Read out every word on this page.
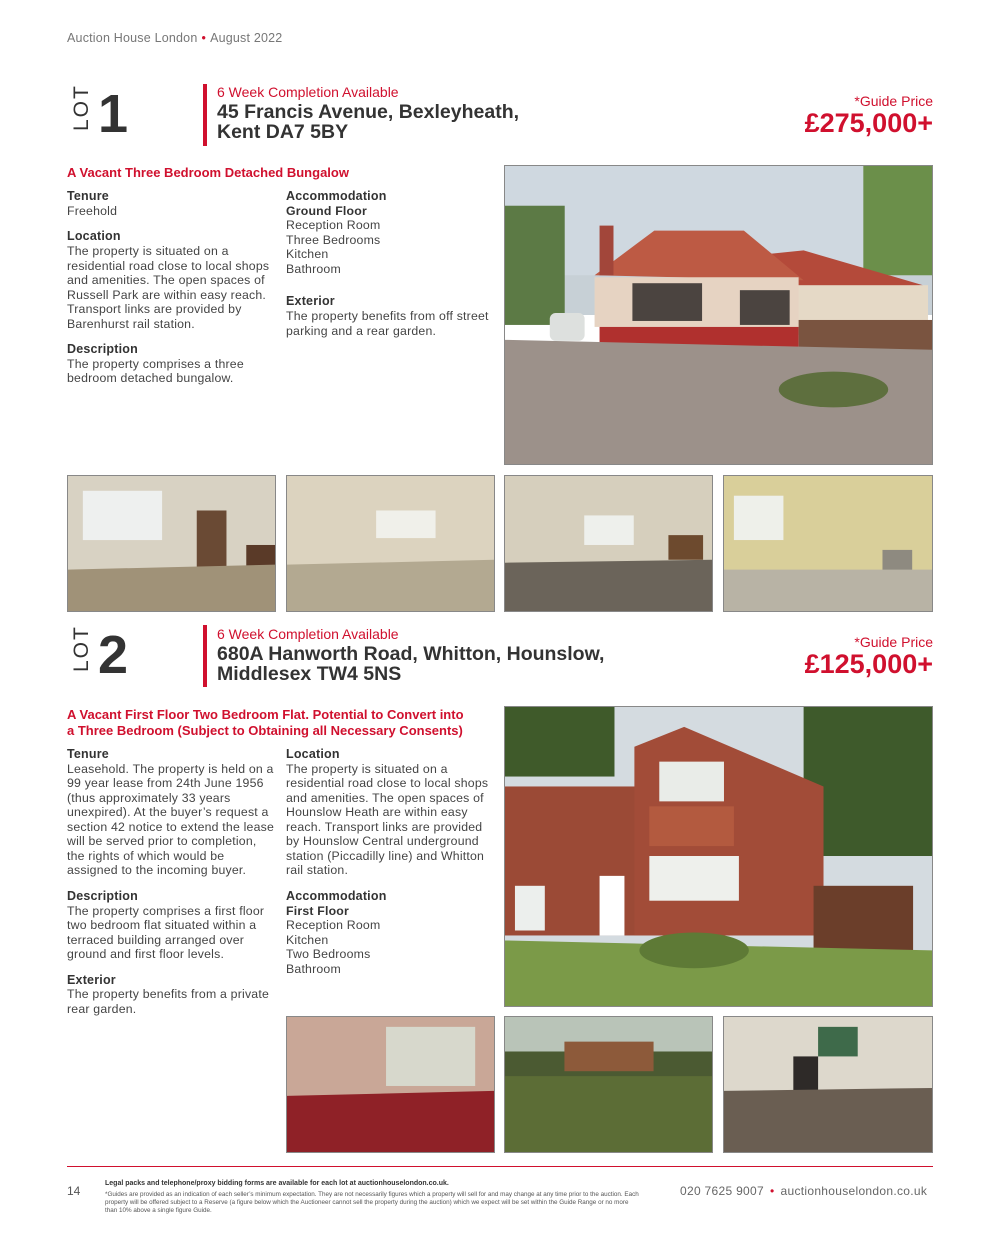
Auction House London • August 2022
LOT 1	6 Week Completion Available
45 Francis Avenue, Bexleyheath,
Kent DA7 5BY
*Guide Price
£275,000+
A Vacant Three Bedroom Detached Bungalow
Tenure
Freehold
Location
The property is situated on a residential road close to local shops and amenities. The open spaces of Russell Park are within easy reach. Transport links are provided by Barenhurst rail station.
Description
The property comprises a three bedroom detached bungalow.
Accommodation
Ground Floor
Reception Room
Three Bedrooms
Kitchen
Bathroom
Exterior
The property benefits from off street parking and a rear garden.
LOT 2	6 Week Completion Available
680A Hanworth Road, Whitton, Hounslow,
Middlesex TW4 5NS
*Guide Price
£125,000+
A Vacant First Floor Two Bedroom Flat. Potential to Convert into
a Three Bedroom (Subject to Obtaining all Necessary Consents)
Tenure
Leasehold. The property is held on a 99 year lease from 24th June 1956 (thus approximately 33 years unexpired). At the buyer’s request a section 42 notice to extend the lease will be served prior to completion, the rights of which would be assigned to the incoming buyer.
Description
The property comprises a first floor two bedroom flat situated within a terraced building arranged over ground and first floor levels.
Exterior
The property benefits from a private rear garden.
Location
The property is situated on a residential road close to local shops and amenities. The open spaces of Hounslow Heath are within easy reach. Transport links are provided by Hounslow Central underground station (Piccadilly line) and Whitton rail station.
Accommodation
First Floor
Reception Room
Kitchen
Two Bedrooms
Bathroom
14
Legal packs and telephone/proxy bidding forms are available for each lot at auctionhouselondon.co.uk.
*Guides are provided as an indication of each seller’s minimum expectation. They are not necessarily figures which a property will sell for and may change at any time prior to the auction. Each property will be offered subject to a Reserve (a figure below which the Auctioneer cannot sell the property during the auction) which we expect will be set within the Guide Range or no more than 10% above a single figure Guide.
020 7625 9007 • auctionhouselondon.co.uk
